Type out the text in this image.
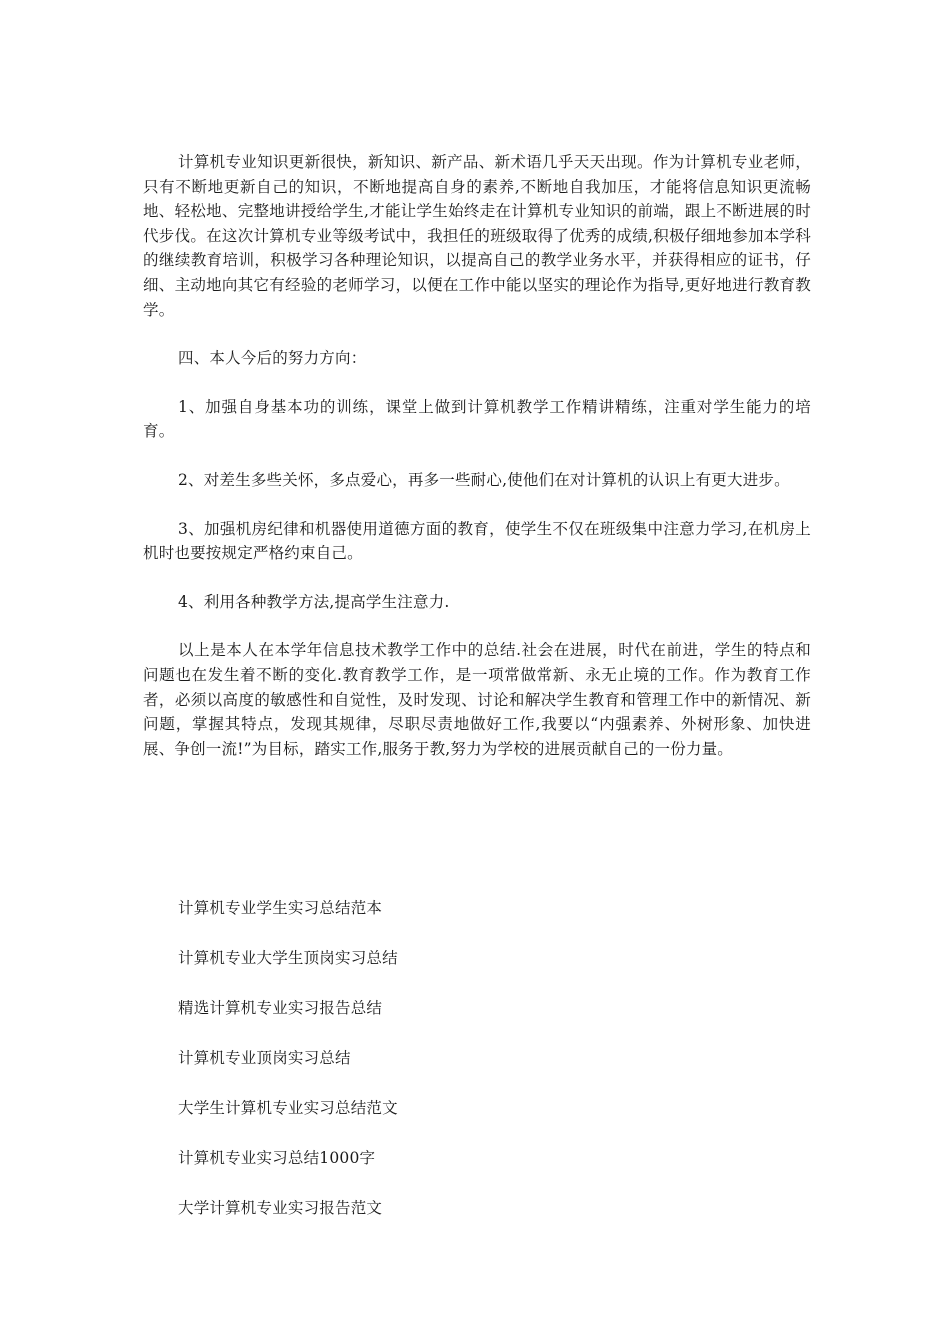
计算机专业知识更新很快，新知识、新产品、新术语几乎天天出现。作为计算机专业老师，只有不断地更新自己的知识，不断地提高自身的素养,不断地自我加压，才能将信息知识更流畅地、轻松地、完整地讲授给学生,才能让学生始终走在计算机专业知识的前端，跟上不断进展的时代步伐。在这次计算机专业等级考试中，我担任的班级取得了优秀的成绩,积极仔细地参加本学科的继续教育培训，积极学习各种理论知识，以提高自己的教学业务水平，并获得相应的证书，仔细、主动地向其它有经验的老师学习，以便在工作中能以坚实的理论作为指导,更好地进行教育教学。

四、本人今后的努力方向：

1、加强自身基本功的训练，课堂上做到计算机教学工作精讲精练，注重对学生能力的培育。

2、对差生多些关怀，多点爱心，再多一些耐心,使他们在对计算机的认识上有更大进步。

3、加强机房纪律和机器使用道德方面的教育，使学生不仅在班级集中注意力学习,在机房上机时也要按规定严格约束自己。

4、利用各种教学方法,提高学生注意力.

以上是本人在本学年信息技术教学工作中的总结.社会在进展，时代在前进，学生的特点和问题也在发生着不断的变化.教育教学工作，是一项常做常新、永无止境的工作。作为教育工作者，必须以高度的敏感性和自觉性，及时发现、讨论和解决学生教育和管理工作中的新情况、新问题，掌握其特点，发现其规律，尽职尽责地做好工作,我要以“内强素养、外树形象、加快进展、争创一流!”为目标，踏实工作,服务于教,努力为学校的进展贡献自己的一份力量。

计算机专业学生实习总结范本
计算机专业大学生顶岗实习总结
精选计算机专业实习报告总结
计算机专业顶岗实习总结
大学生计算机专业实习总结范文
计算机专业实习总结1000字
大学计算机专业实习报告范文
